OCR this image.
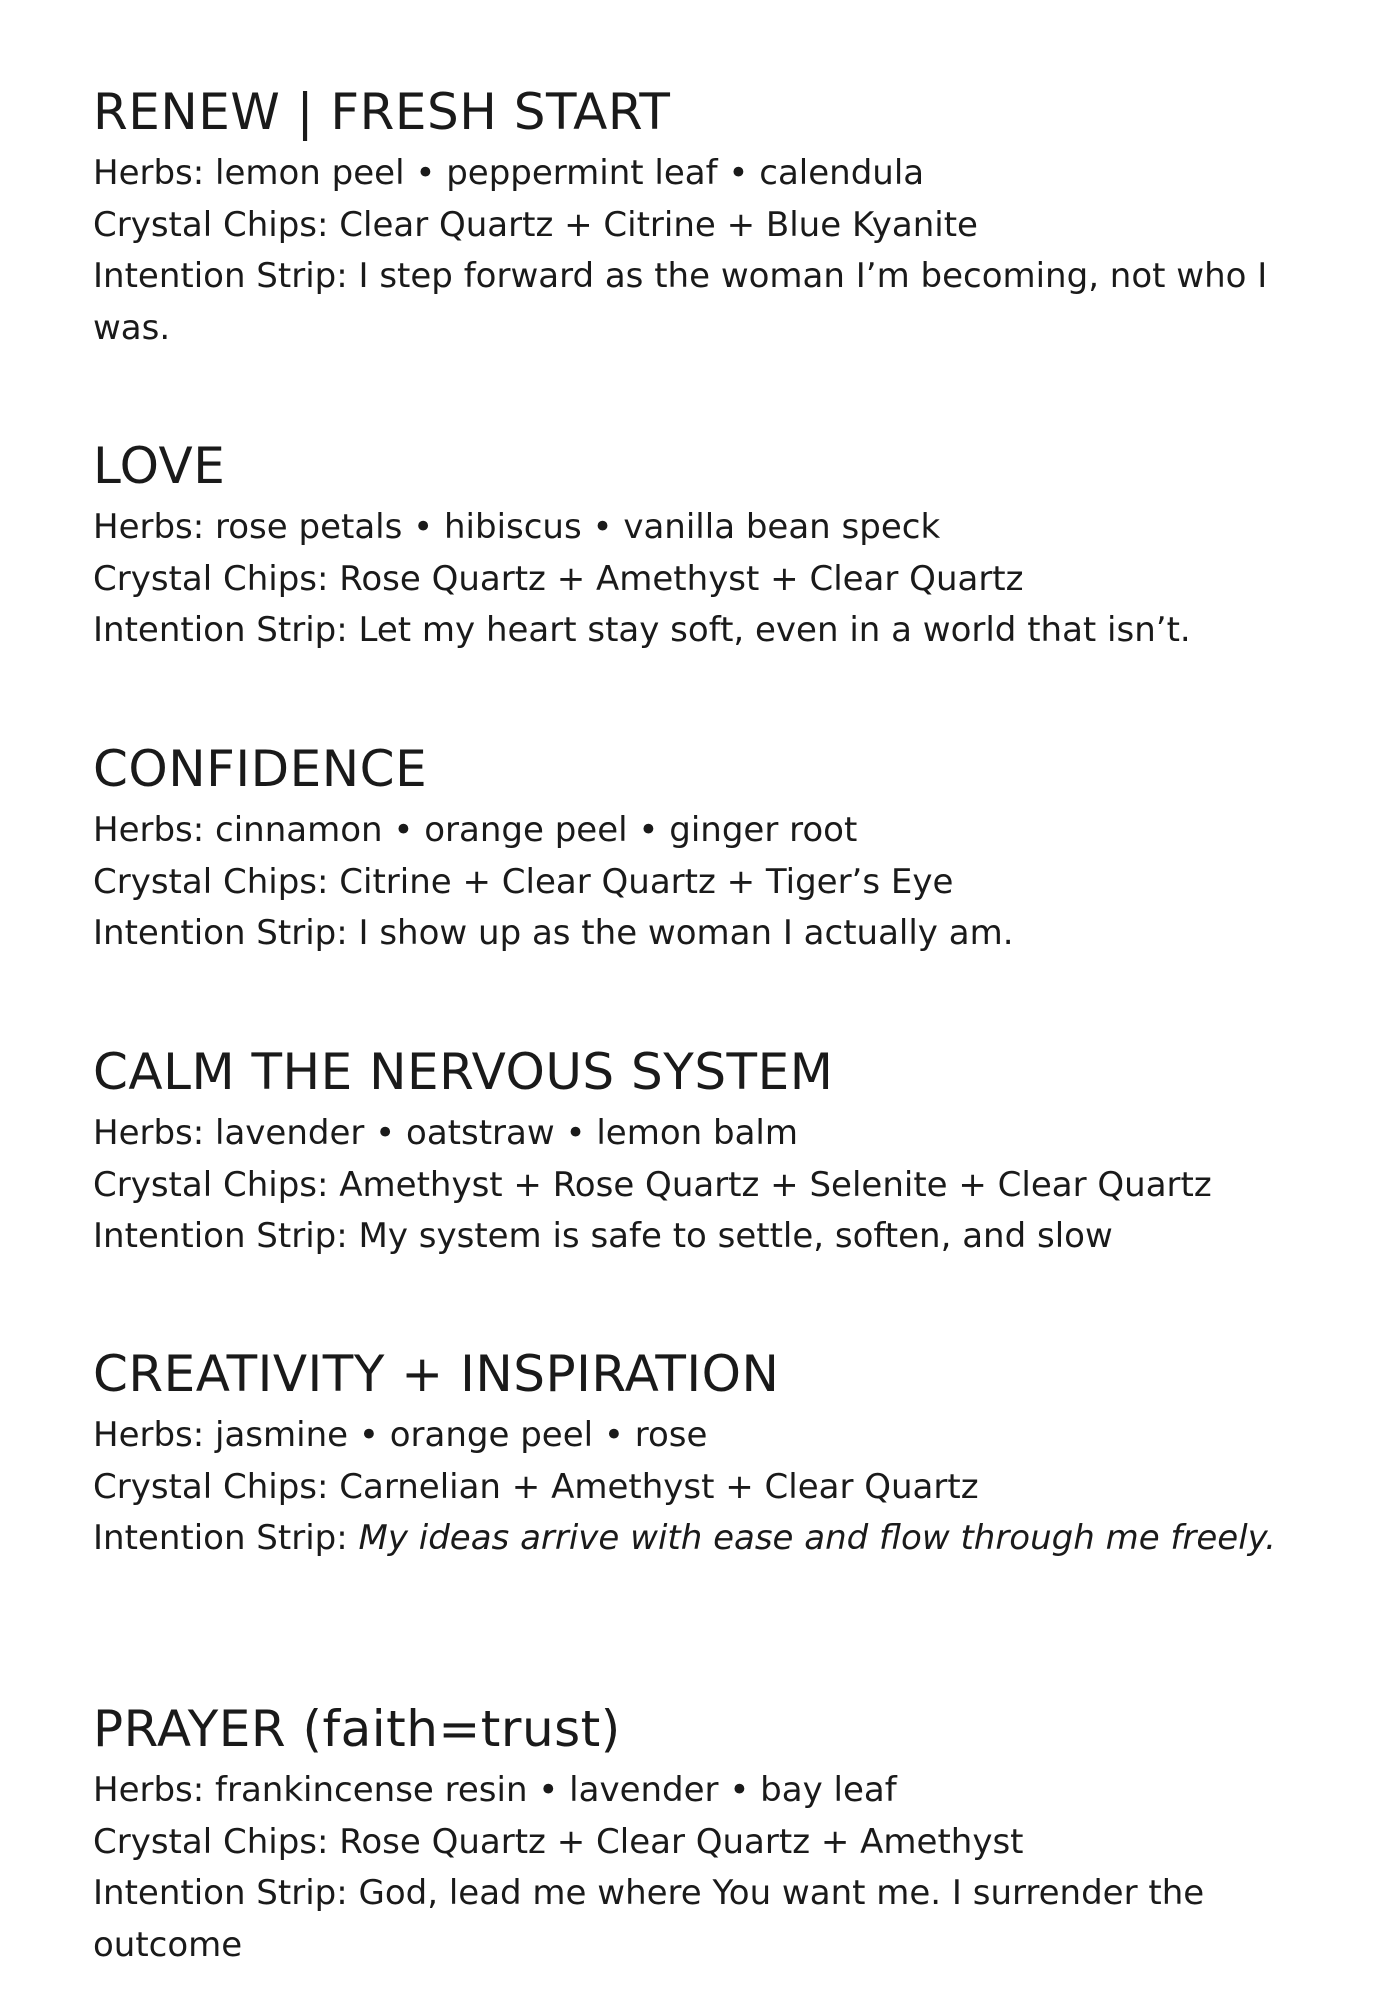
RENEW | FRESH START

Herbs: lemon peel • peppermint leaf • calendula

Crystal Chips: Clear Quartz + Citrine + Blue Kyanite

Intention Strip: I step forward as the woman I’m becoming, not who I was.

LOVE

Herbs: rose petals • hibiscus • vanilla bean speck

Crystal Chips: Rose Quartz + Amethyst + Clear Quartz

Intention Strip: Let my heart stay soft, even in a world that isn’t.

CONFIDENCE

Herbs: cinnamon • orange peel • ginger root

Crystal Chips: Citrine + Clear Quartz + Tiger’s Eye

Intention Strip: I show up as the woman I actually am.

CALM THE NERVOUS SYSTEM

Herbs: lavender • oatstraw • lemon balm

Crystal Chips: Amethyst + Rose Quartz + Selenite + Clear Quartz

Intention Strip: My system is safe to settle, soften, and slow

CREATIVITY + INSPIRATION

Herbs: jasmine • orange peel • rose

Crystal Chips: Carnelian + Amethyst + Clear Quartz

Intention Strip: My ideas arrive with ease and flow through me freely.

PRAYER (faith=trust)

Herbs: frankincense resin • lavender • bay leaf

Crystal Chips: Rose Quartz + Clear Quartz + Amethyst

Intention Strip: God, lead me where You want me. I surrender the outcome
